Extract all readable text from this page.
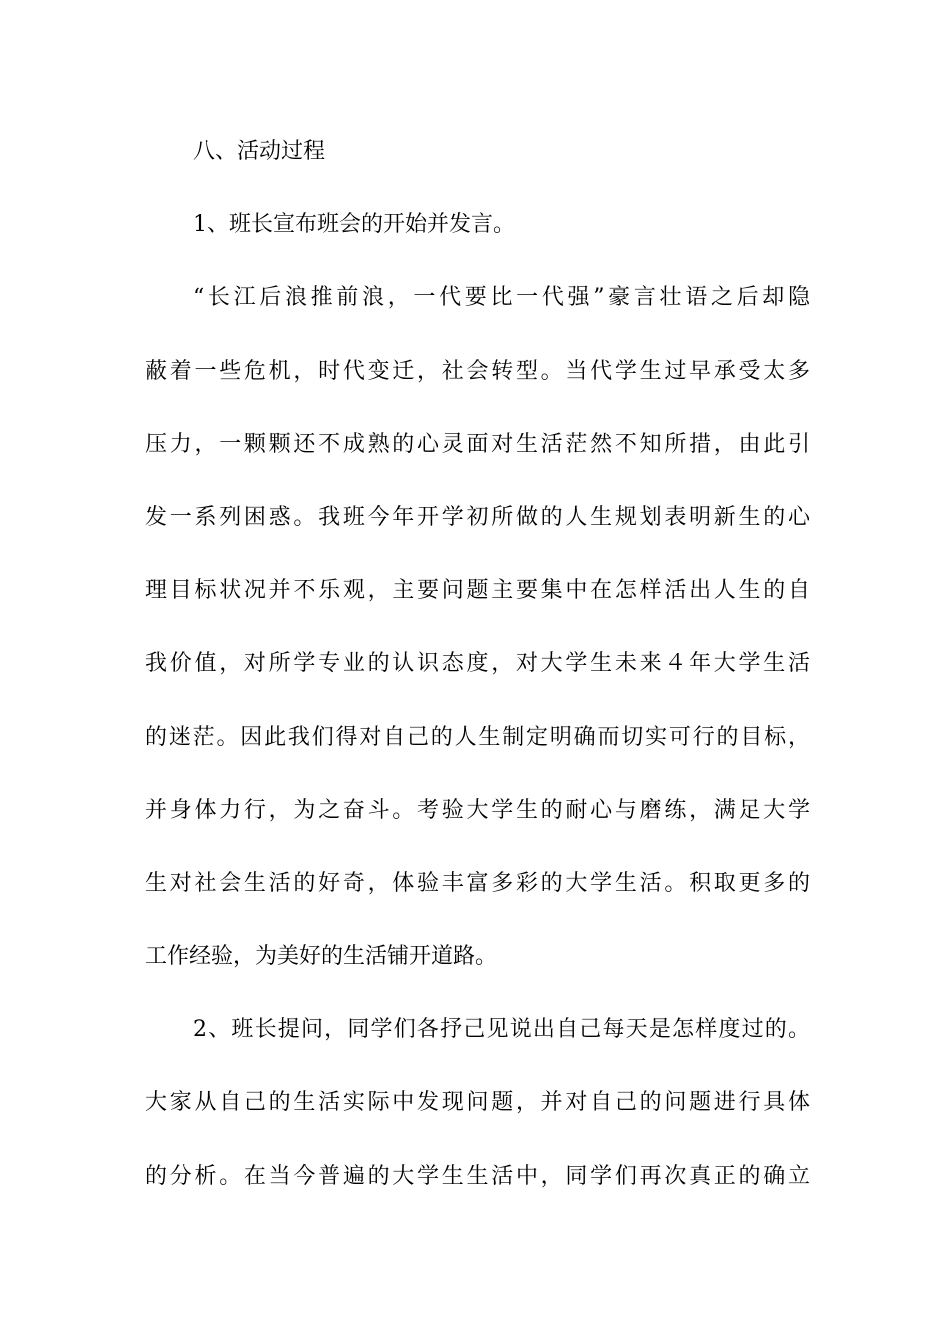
八、活动过程
1、班长宣布班会的开始并发言。
“长江后浪推前浪，一代要比一代强”豪言壮语之后却隐
蔽着一些危机，时代变迁，社会转型。当代学生过早承受太多
压力，一颗颗还不成熟的心灵面对生活茫然不知所措，由此引
发一系列困惑。我班今年开学初所做的人生规划表明新生的心
理目标状况并不乐观，主要问题主要集中在怎样活出人生的自
我价值，对所学专业的认识态度，对大学生未来４年大学生活
的迷茫。因此我们得对自己的人生制定明确而切实可行的目标，
并身体力行，为之奋斗。考验大学生的耐心与磨练，满足大学
生对社会生活的好奇，体验丰富多彩的大学生活。积取更多的
工作经验，为美好的生活铺开道路。
2、班长提问，同学们各抒己见说出自己每天是怎样度过的。
大家从自己的生活实际中发现问题，并对自己的问题进行具体
的分析。在当今普遍的大学生生活中，同学们再次真正的确立
